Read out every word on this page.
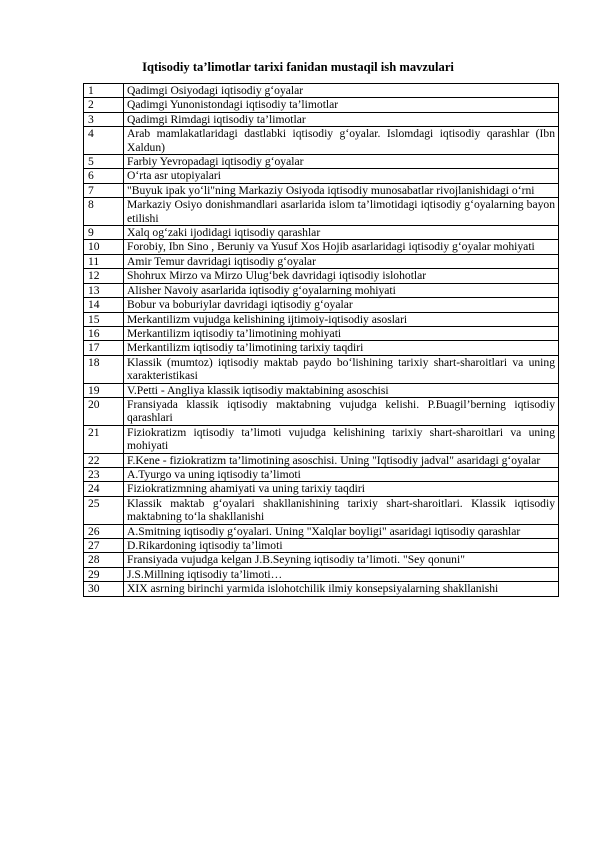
Iqtisodiy ta’limotlar tarixi fanidan mustaqil ish mavzulari
1	Qadimgi Osiyodagi iqtisodiy g‘oyalar
2	Qadimgi Yunonistondagi iqtisodiy ta’limotlar
3	Qadimgi Rimdagi iqtisodiy ta’limotlar
4	Arab mamlakatlaridagi dastlabki iqtisodiy g‘oyalar. Islomdagi iqtisodiy qarashlar (Ibn Xaldun)
5	Farbiy Yevropadagi iqtisodiy g‘oyalar
6	O‘rta asr utopiyalari
7	"Buyuk ipak yo‘li"ning Markaziy Osiyoda iqtisodiy munosabatlar rivojlanishidagi o‘rni
8	Markaziy Osiyo donishmandlari asarlarida islom ta’limotidagi iqtisodiy g‘oyalarning bayon etilishi
9	Xalq og‘zaki ijodidagi iqtisodiy qarashlar
10	Forobiy, Ibn Sino , Beruniy va Yusuf Xos Hojib asarlaridagi iqtisodiy g‘oyalar mohiyati
11	Amir Temur davridagi iqtisodiy g‘oyalar
12	Shohrux Mirzo va Mirzo Ulug‘bek davridagi iqtisodiy islohotlar
13	Alisher Navoiy asarlarida iqtisodiy g‘oyalarning mohiyati
14	Bobur va boburiylar davridagi iqtisodiy g‘oyalar
15	Merkantilizm vujudga kelishining ijtimoiy-iqtisodiy asoslari
16	Merkantilizm iqtisodiy ta’limotining mohiyati
17	Merkantilizm iqtisodiy ta’limotining tarixiy taqdiri
18	Klassik (mumtoz) iqtisodiy maktab paydo bo‘lishining tarixiy shart-sharoitlari va uning xarakteristikasi
19	V.Petti - Angliya klassik iqtisodiy maktabining asoschisi
20	Fransiyada klassik iqtisodiy maktabning vujudga kelishi. P.Buagil’berning iqtisodiy qarashlari
21	Fiziokratizm iqtisodiy ta’limoti vujudga kelishining tarixiy shart-sharoitlari va uning mohiyati
22	F.Kene - fiziokratizm ta’limotining asoschisi. Uning "Iqtisodiy jadval" asaridagi g‘oyalar
23	A.Tyurgo va uning iqtisodiy ta’limoti
24	Fiziokratizmning ahamiyati va uning tarixiy taqdiri
25	Klassik maktab g‘oyalari shakllanishining tarixiy shart-sharoitlari. Klassik iqtisodiy maktabning to‘la shakllanishi
26	A.Smitning iqtisodiy g‘oyalari. Uning "Xalqlar boyligi" asaridagi iqtisodiy qarashlar
27	D.Rikardoning iqtisodiy ta’limoti
28	Fransiyada vujudga kelgan J.B.Seyning iqtisodiy ta’limoti. "Sey qonuni"
29	J.S.Millning iqtisodiy ta’limoti…
30	XIX asrning birinchi yarmida islohotchilik ilmiy konsepsiyalarning shakllanishi
